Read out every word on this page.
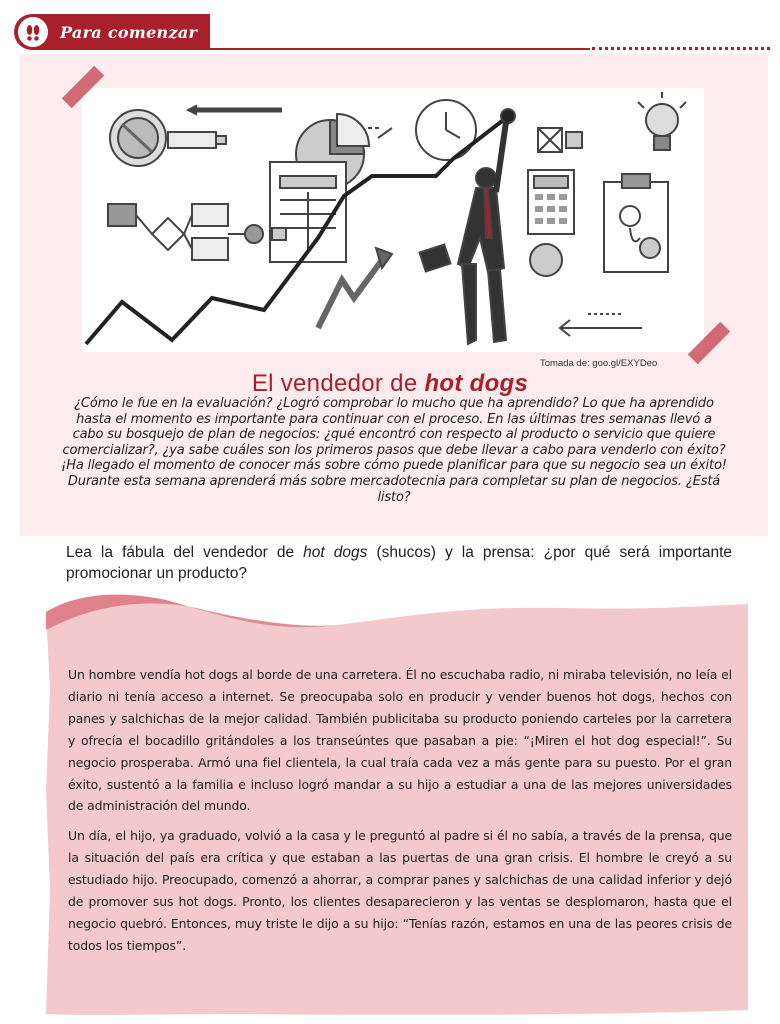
Para comenzar
Tomada de: goo.gl/EXYDeo
El vendedor de hot dogs
¿Cómo le fue en la evaluación? ¿Logró comprobar lo mucho que ha aprendido? Lo que ha aprendido hasta el momento es importante para continuar con el proceso. En las últimas tres semanas llevó a cabo su bosquejo de plan de negocios: ¿qué encontró con respecto al producto o servicio que quiere comercializar?, ¿ya sabe cuáles son los primeros pasos que debe llevar a cabo para venderlo con éxito? ¡Ha llegado el momento de conocer más sobre cómo puede planificar para que su negocio sea un éxito! Durante esta semana aprenderá más sobre mercadotecnia para completar su plan de negocios. ¿Está listo?
Lea la fábula del vendedor de hot dogs (shucos) y la prensa: ¿por qué será importante promocionar un producto?

Un hombre vendía hot dogs al borde de una carretera. Él no escuchaba radio, ni miraba televisión, no leía el diario ni tenía acceso a internet. Se preocupaba solo en producir y vender buenos hot dogs, hechos con panes y salchichas de la mejor calidad. También publicitaba su producto poniendo carteles por la carretera y ofrecía el bocadillo gritándoles a los transeúntes que pasaban a pie: “¡Miren el hot dog especial!”. Su negocio prosperaba. Armó una fiel clientela, la cual traía cada vez a más gente para su puesto. Por el gran éxito, sustentó a la familia e incluso logró mandar a su hijo a estudiar a una de las mejores universidades de administración del mundo.

Un día, el hijo, ya graduado, volvió a la casa y le preguntó al padre si él no sabía, a través de la prensa, que la situación del país era crítica y que estaban a las puertas de una gran crisis. El hombre le creyó a su estudiado hijo. Preocupado, comenzó a ahorrar, a comprar panes y salchichas de una calidad inferior y dejó de promover sus hot dogs. Pronto, los clientes desaparecieron y las ventas se desplomaron, hasta que el negocio quebró. Entonces, muy triste le dijo a su hijo: “Tenías razón, estamos en una de las peores crisis de todos los tiempos”.
